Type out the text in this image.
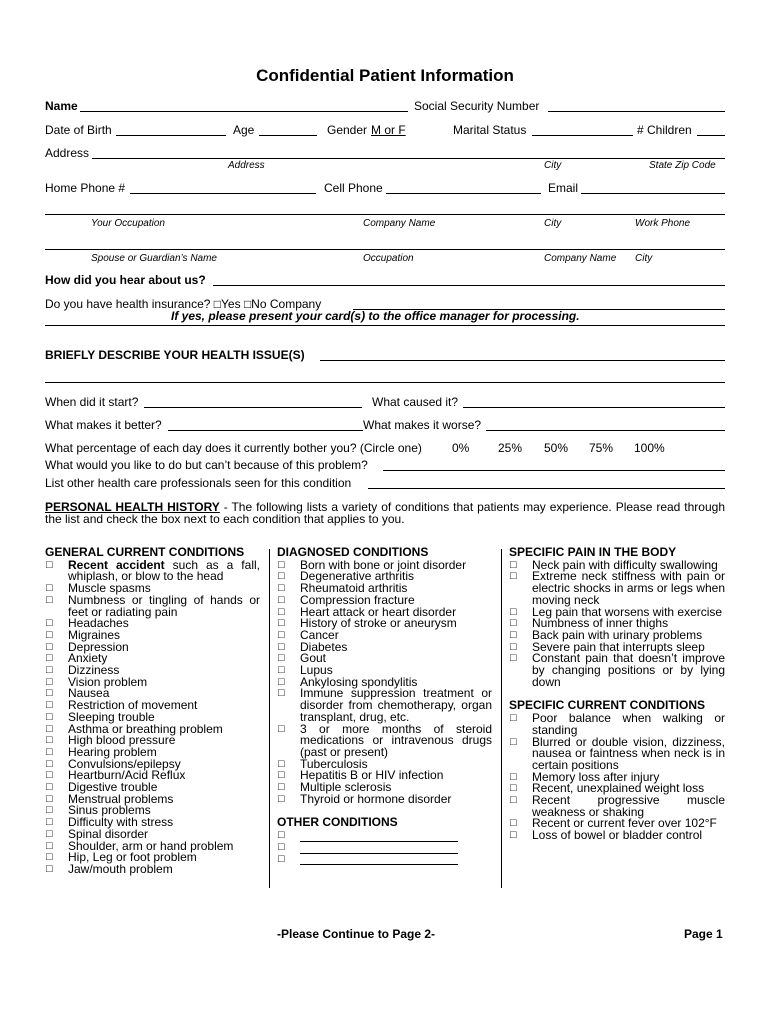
Confidential Patient Information
Name	Social Security Number
Date of Birth	Age	Gender M or F	Marital Status	# Children
Address
Address	City	State Zip Code
Home Phone #	Cell Phone	Email
Your Occupation	Company Name	City	Work Phone
Spouse or Guardian’s Name	Occupation	Company Name City
How did you hear about us?
Do you have health insurance? □Yes □No Company
If yes, please present your card(s) to the office manager for processing.
BRIEFLY DESCRIBE YOUR HEALTH ISSUE(S)
When did it start?	What caused it?
What makes it better?	What makes it worse?
What percentage of each day does it currently bother you? (Circle one)	0% 25% 50% 75% 100%
What would you like to do but can’t because of this problem?
List other health care professionals seen for this condition
PERSONAL HEALTH HISTORY - The following lists a variety of conditions that patients may experience. Please read through the list and check the box next to each condition that applies to you.
GENERAL CURRENT CONDITIONS
□ Recent accident such as a fall, whiplash, or blow to the head
□ Muscle spasms
□ Numbness or tingling of hands or feet or radiating pain
□ Headaches
□ Migraines
□ Depression
□ Anxiety
□ Dizziness
□ Vision problem
□ Nausea
□ Restriction of movement
□ Sleeping trouble
□ Asthma or breathing problem
□ High blood pressure
□ Hearing problem
□ Convulsions/epilepsy
□ Heartburn/Acid Reflux
□ Digestive trouble
□ Menstrual problems
□ Sinus problems
□ Difficulty with stress
□ Spinal disorder
□ Shoulder, arm or hand problem
□ Hip, Leg or foot problem
□ Jaw/mouth problem
DIAGNOSED CONDITIONS
□ Born with bone or joint disorder
□ Degenerative arthritis
□ Rheumatoid arthritis
□ Compression fracture
□ Heart attack or heart disorder
□ History of stroke or aneurysm
□ Cancer
□ Diabetes
□ Gout
□ Lupus
□ Ankylosing spondylitis
□ Immune suppression treatment or disorder from chemotherapy, organ transplant, drug, etc.
□ 3 or more months of steroid medications or intravenous drugs (past or present)
□ Tuberculosis
□ Hepatitis B or HIV infection
□ Multiple sclerosis
□ Thyroid or hormone disorder
OTHER CONDITIONS
□
□
□
SPECIFIC PAIN IN THE BODY
□ Neck pain with difficulty swallowing
□ Extreme neck stiffness with pain or electric shocks in arms or legs when moving neck
□ Leg pain that worsens with exercise
□ Numbness of inner thighs
□ Back pain with urinary problems
□ Severe pain that interrupts sleep
□ Constant pain that doesn’t improve by changing positions or by lying down
SPECIFIC CURRENT CONDITIONS
□ Poor balance when walking or standing
□ Blurred or double vision, dizziness, nausea or faintness when neck is in certain positions
□ Memory loss after injury
□ Recent, unexplained weight loss
□ Recent progressive muscle weakness or shaking
□ Recent or current fever over 102°F
□ Loss of bowel or bladder control
-Please Continue to Page 2-	Page 1
